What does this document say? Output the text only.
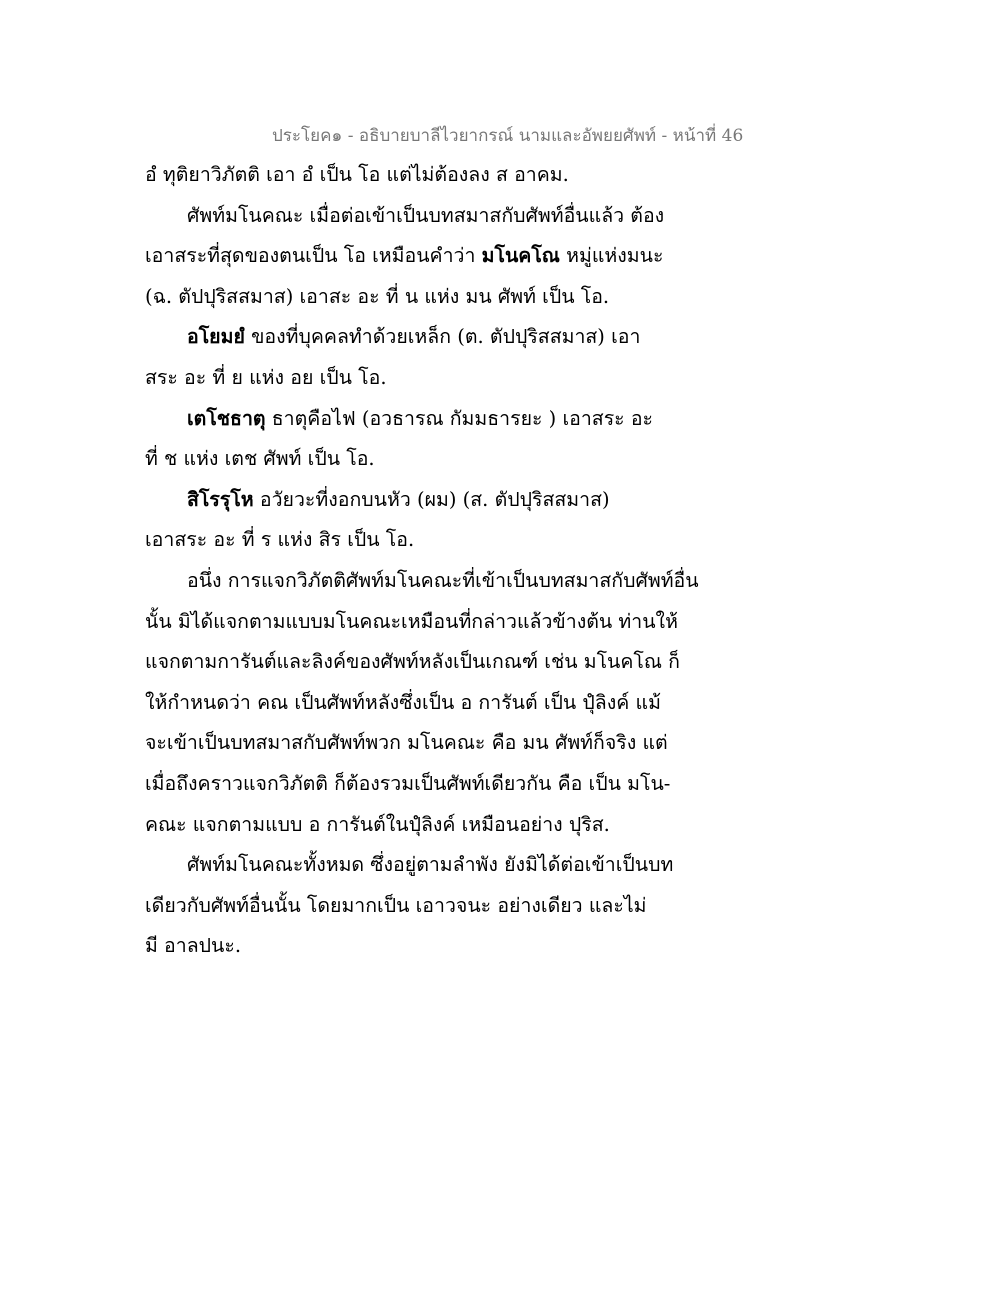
ประโยค๑ - อธิบายบาลีไวยากรณ์ นามและอัพยยศัพท์ - หน้าที่ 46
อํ ทุติยาวิภัตติ เอา อํ เป็น โอ แต่ไม่ต้องลง ส อาคม.
ศัพท์มโนคณะ เมื่อต่อเข้าเป็นบทสมาสกับศัพท์อื่นแล้ว ต้อง
เอาสระที่สุดของตนเป็น โอ เหมือนคำว่า มโนคโณ หมู่แห่งมนะ
(ฉ. ตัปปุริสสมาส) เอาสะ อะ ที่ น แห่ง มน ศัพท์ เป็น โอ.
อโยมยํ ของที่บุคคลทำด้วยเหล็ก (ต. ตัปปุริสสมาส) เอา
สระ อะ ที่ ย แห่ง อย เป็น โอ.
เตโชธาตุ ธาตุคือไฟ (อวธารณ กัมมธารยะ ) เอาสระ อะ
ที่ ช แห่ง เตช ศัพท์ เป็น โอ.
สิโรรุโห อวัยวะที่งอกบนหัว (ผม) (ส. ตัปปุริสสมาส)
เอาสระ อะ ที่ ร แห่ง สิร เป็น โอ.
อนึ่ง การแจกวิภัตติศัพท์มโนคณะที่เข้าเป็นบทสมาสกับศัพท์อื่น
นั้น มิได้แจกตามแบบมโนคณะเหมือนที่กล่าวแล้วข้างต้น ท่านให้
แจกตามการันต์และลิงค์ของศัพท์หลังเป็นเกณฑ์ เช่น มโนคโณ ก็
ให้กำหนดว่า คณ เป็นศัพท์หลังซึ่งเป็น อ การันต์ เป็น ปุํลิงค์ แม้
จะเข้าเป็นบทสมาสกับศัพท์พวก มโนคณะ คือ มน ศัพท์ก็จริง แต่
เมื่อถึงคราวแจกวิภัตติ ก็ต้องรวมเป็นศัพท์เดียวกัน คือ เป็น มโน-
คณะ แจกตามแบบ อ การันต์ในปุํลิงค์ เหมือนอย่าง ปุริส.
ศัพท์มโนคณะทั้งหมด ซึ่งอยู่ตามลำพัง ยังมิได้ต่อเข้าเป็นบท
เดียวกับศัพท์อื่นนั้น โดยมากเป็น เอาวจนะ อย่างเดียว และไม่
มี อาลปนะ.
